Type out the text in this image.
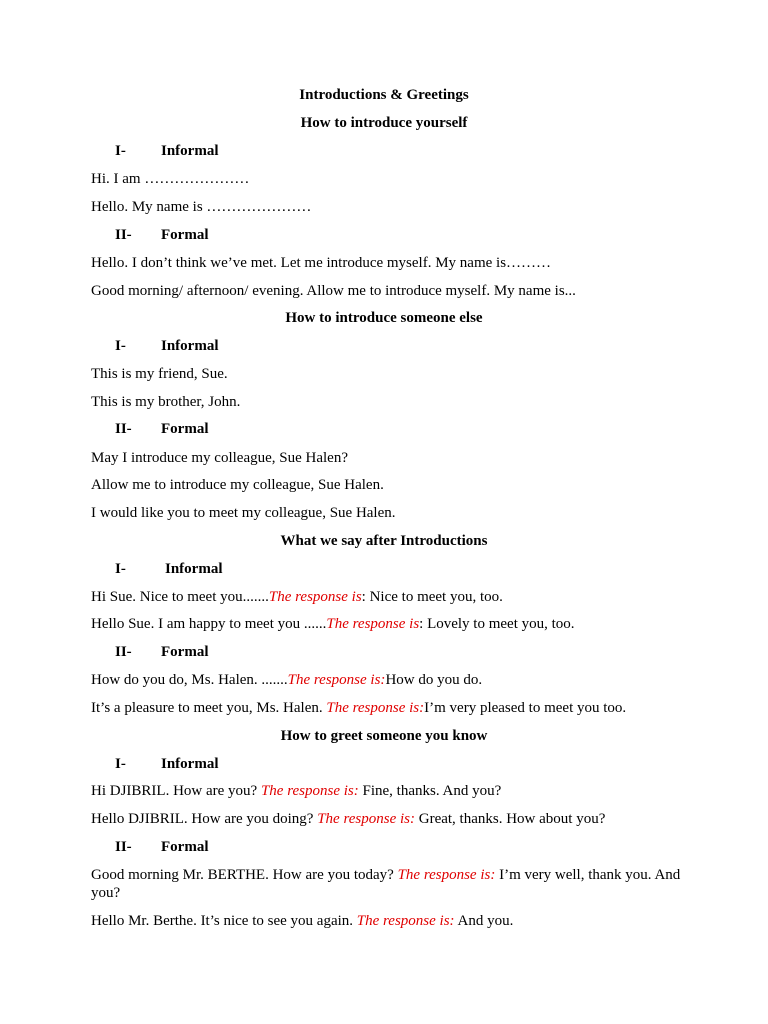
Introductions & Greetings
How to introduce yourself
I- Informal
Hi. I am …………………
Hello. My name is …………………
II- Formal
Hello. I don’t think we’ve met. Let me introduce myself. My name is………
Good morning/ afternoon/ evening. Allow me to introduce myself. My name is...
How to introduce someone else
I- Informal
This is my friend, Sue.
This is my brother, John.
II- Formal
May I introduce my colleague, Sue Halen?
Allow me to introduce my colleague, Sue Halen.
I would like you to meet my colleague, Sue Halen.
What we say after Introductions
I-	Informal
Hi Sue. Nice to meet you.......The response is: Nice to meet you, too.
Hello Sue. I am happy to meet you ......The response is: Lovely to meet you, too.
II- Formal
How do you do, Ms. Halen. .......The response is:How do you do.
It’s a pleasure to meet you, Ms. Halen. The response is:I’m very pleased to meet you too.
How to greet someone you know
I- Informal
Hi DJIBRIL. How are you? The response is: Fine, thanks. And you?
Hello DJIBRIL. How are you doing? The response is: Great, thanks. How about you?
II- Formal
Good morning Mr. BERTHE. How are you today? The response is: I’m very well, thank you. And you?
Hello Mr. Berthe. It’s nice to see you again. The response is: And you.
